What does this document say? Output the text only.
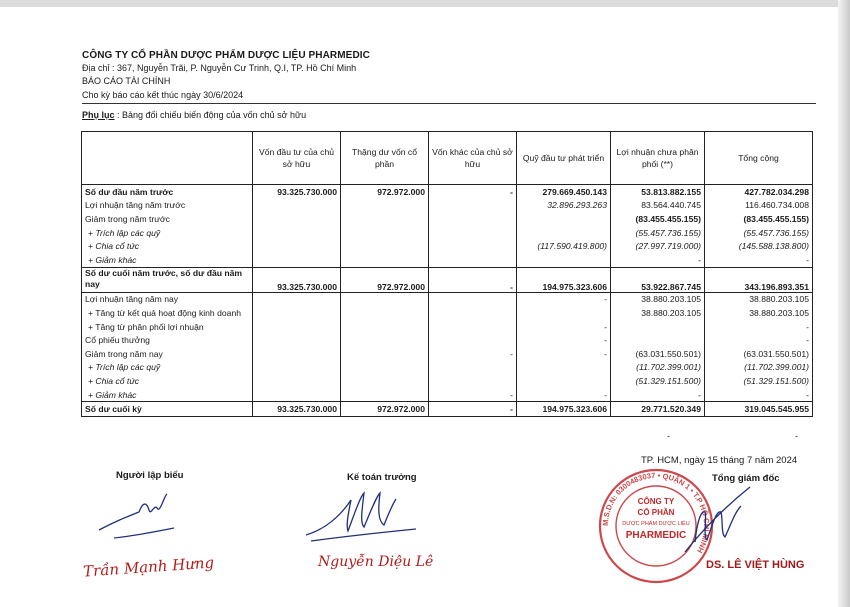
CÔNG TY CỔ PHẦN DƯỢC PHẨM DƯỢC LIỆU PHARMEDIC
Địa chỉ : 367, Nguyễn Trãi, P. Nguyễn Cư Trinh, Q.I, TP. Hồ Chí Minh
BÁO CÁO TÀI CHÍNH
Cho kỳ báo cáo kết thúc ngày 30/6/2024
Phụ lục : Bảng đối chiếu biến động của vốn chủ sở hữu
	Vốn đầu tư của chủ sở hữu	Thặng dư vốn cổ phần	Vốn khác của chủ sở hữu	Quỹ đầu tư phát triển	Lợi nhuận chưa phân phối (**)	Tổng cộng
Số dư đầu năm trước	93.325.730.000	972.972.000	-	279.669.450.143	53.813.882.155	427.782.034.298
Lợi nhuận tăng năm trước				32.896.293.263	83.564.440.745	116.460.734.008
Giảm trong năm trước					(83.455.455.155)	(83.455.455.155)
+ Trích lập các quỹ					(55.457.736.155)	(55.457.736.155)
+ Chia cổ tức				(117.590.419.800)	(27.997.719.000)	(145.588.138.800)
+ Giảm khác					-	-
Số dư cuối năm trước, số dư đầu năm nay	93.325.730.000	972.972.000	-	194.975.323.606	53.922.867.745	343.196.893.351
Lợi nhuận tăng năm nay				-	38.880.203.105	38.880.203.105
+ Tăng từ kết quả hoạt động kinh doanh					38.880.203.105	38.880.203.105
+ Tăng từ phân phối lợi nhuận				-		-
Cổ phiếu thưởng				-		-
Giảm trong năm nay			-	-	(63.031.550.501)	(63.031.550.501)
+ Trích lập các quỹ					(11.702.399.001)	(11.702.399.001)
+ Chia cổ tức					(51.329.151.500)	(51.329.151.500)
+ Giảm khác			-	-	-	-
Số dư cuối kỳ	93.325.730.000	972.972.000	-	194.975.323.606	29.771.520.349	319.045.545.955
-	-
TP. HCM, ngày 15 tháng 7 năm 2024
Người lập biểu	Kế toán trưởng	Tổng giám đốc
Trần Mạnh Hưng	Nguyễn Diệu Lê
M.S.D.N: 0300483037 • QUẬN 1 • T.P HỒ CHÍ MINH
CÔNG TY
CỔ PHẦN
DƯỢC PHẨM DƯỢC LIỆU
PHARMEDIC
DS. LÊ VIỆT HÙNG
